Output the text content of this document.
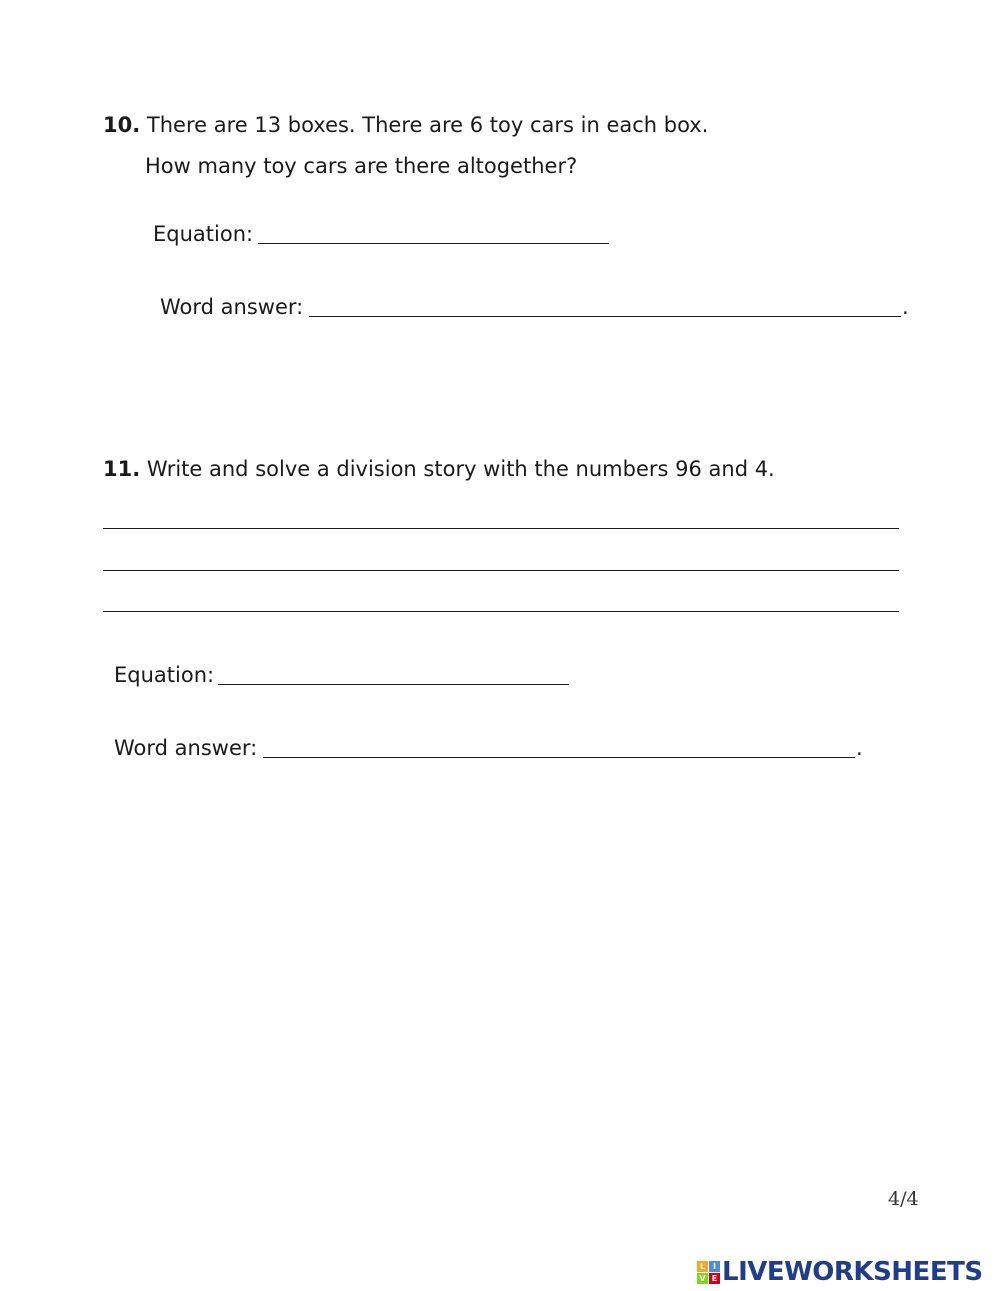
10. There are 13 boxes. There are 6 toy cars in each box.
How many toy cars are there altogether?
Equation:
Word answer:	.
11. Write and solve a division story with the numbers 96 and 4.
Equation:
Word answer:	.
4/4
L I
V E LIVEWORKSHEETS
